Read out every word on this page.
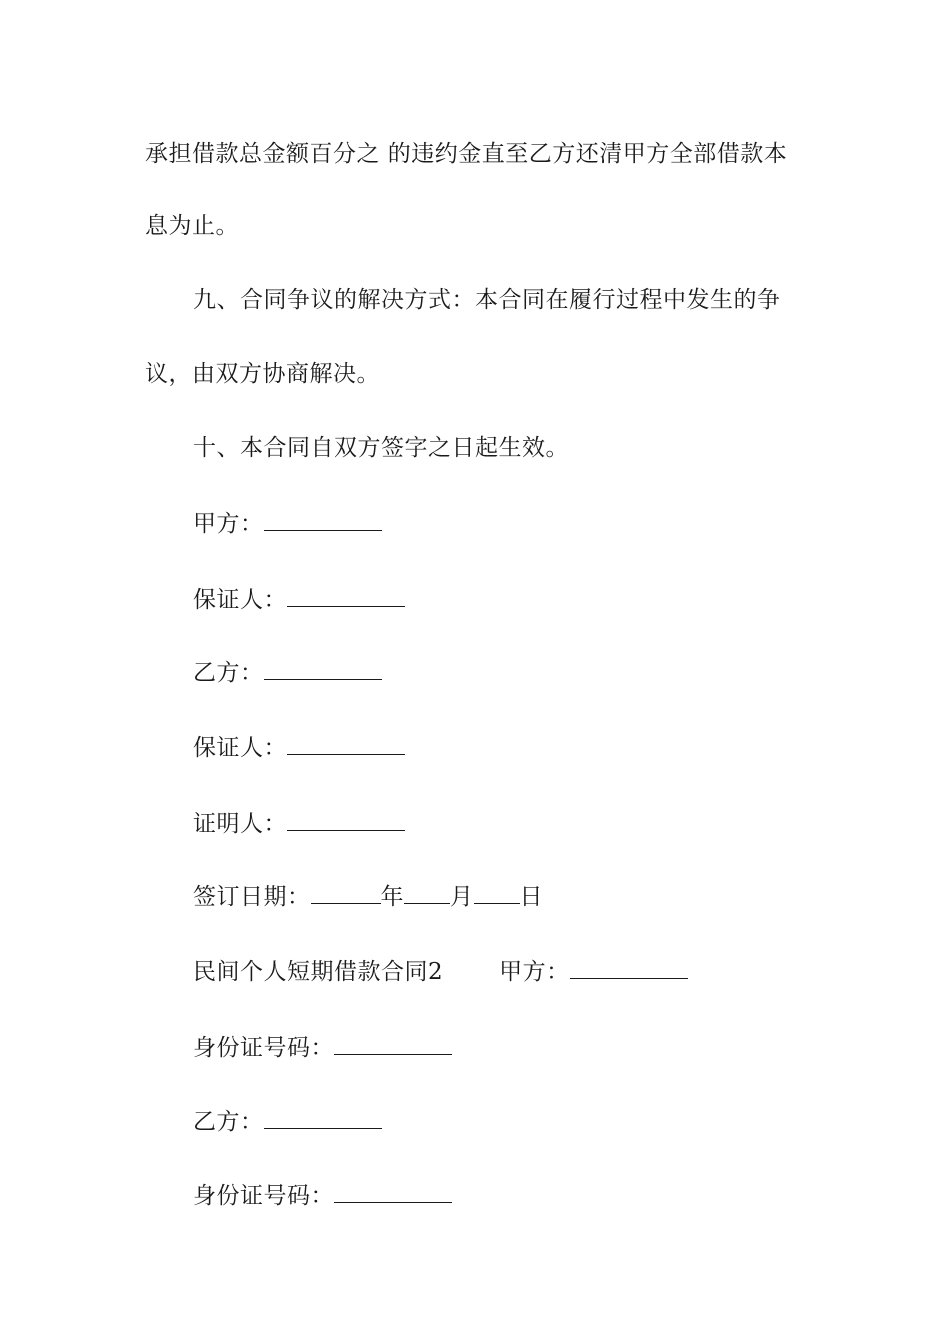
承担借款总金额百分之 的违约金直至乙方还清甲方全部借款本
息为止。
九、合同争议的解决方式：本合同在履行过程中发生的争
议，由双方协商解决。
十、本合同自双方签字之日起生效。
甲方：
保证人：
乙方：
保证人：
证明人：
签订日期：	年 月 日
民间个人短期借款合同2 甲方：
身份证号码：
乙方：
身份证号码：
